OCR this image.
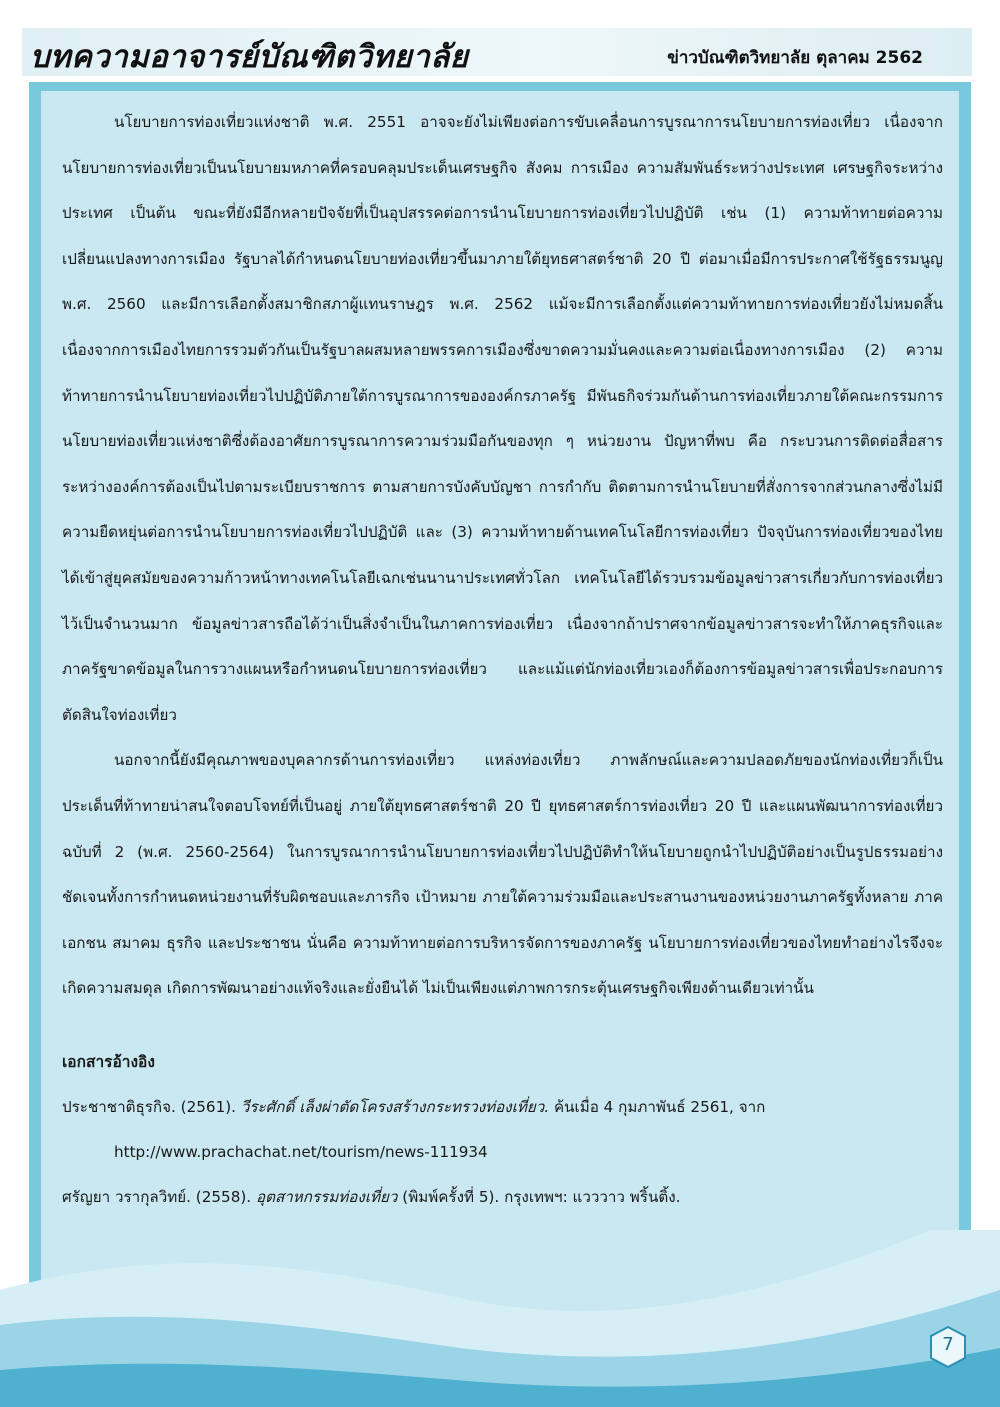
บทความอาจารย์บัณฑิตวิทยาลัย	ข่าวบัณฑิตวิทยาลัย ตุลาคม 2562

นโยบายการท่องเที่ยวแห่งชาติ พ.ศ. 2551 อาจจะยังไม่เพียงต่อการขับเคลื่อนการบูรณาการนโยบายการท่องเที่ยว เนื่องจากนโยบายการท่องเที่ยวเป็นนโยบายมหภาคที่ครอบคลุมประเด็นเศรษฐกิจ สังคม การเมือง ความสัมพันธ์ระหว่างประเทศ เศรษฐกิจระหว่างประเทศ เป็นต้น ขณะที่ยังมีอีกหลายปัจจัยที่เป็นอุปสรรคต่อการนำนโยบายการท่องเที่ยวไปปฏิบัติ เช่น (1) ความท้าทายต่อความเปลี่ยนแปลงทางการเมือง รัฐบาลได้กำหนดนโยบายท่องเที่ยวขึ้นมาภายใต้ยุทธศาสตร์ชาติ 20 ปี ต่อมาเมื่อมีการประกาศใช้รัฐธรรมนูญ พ.ศ. 2560 และมีการเลือกตั้งสมาชิกสภาผู้แทนราษฎร พ.ศ. 2562 แม้จะมีการเลือกตั้งแต่ความท้าทายการท่องเที่ยวยังไม่หมดสิ้น เนื่องจากการเมืองไทยการรวมตัวกันเป็นรัฐบาลผสมหลายพรรคการเมืองซึ่งขาดความมั่นคงและความต่อเนื่องทางการเมือง (2) ความท้าทายการนำนโยบายท่องเที่ยวไปปฏิบัติภายใต้การบูรณาการขององค์กรภาครัฐ มีพันธกิจร่วมกันด้านการท่องเที่ยวภายใต้คณะกรรมการนโยบายท่องเที่ยวแห่งชาติซึ่งต้องอาศัยการบูรณาการความร่วมมือกันของทุก ๆ หน่วยงาน ปัญหาที่พบ คือ กระบวนการติดต่อสื่อสารระหว่างองค์การต้องเป็นไปตามระเบียบราชการ ตามสายการบังคับบัญชา การกำกับ ติดตามการนำนโยบายที่สั่งการจากส่วนกลางซึ่งไม่มีความยืดหยุ่นต่อการนำนโยบายการท่องเที่ยวไปปฏิบัติ และ (3) ความท้าทายด้านเทคโนโลยีการท่องเที่ยว ปัจจุบันการท่องเที่ยวของไทยได้เข้าสู่ยุคสมัยของความก้าวหน้าทางเทคโนโลยีเฉกเช่นนานาประเทศทั่วโลก เทคโนโลยีได้รวบรวมข้อมูลข่าวสารเกี่ยวกับการท่องเที่ยวไว้เป็นจำนวนมาก ข้อมูลข่าวสารถือได้ว่าเป็นสิ่งจำเป็นในภาคการท่องเที่ยว เนื่องจากถ้าปราศจากข้อมูลข่าวสารจะทำให้ภาคธุรกิจและภาครัฐขาดข้อมูลในการวางแผนหรือกำหนดนโยบายการท่องเที่ยว และแม้แต่นักท่องเที่ยวเองก็ต้องการข้อมูลข่าวสารเพื่อประกอบการตัดสินใจท่องเที่ยว

นอกจากนี้ยังมีคุณภาพของบุคลากรด้านการท่องเที่ยว แหล่งท่องเที่ยว ภาพลักษณ์และความปลอดภัยของนักท่องเที่ยวก็เป็นประเด็นที่ท้าทายน่าสนใจตอบโจทย์ที่เป็นอยู่ ภายใต้ยุทธศาสตร์ชาติ 20 ปี ยุทธศาสตร์การท่องเที่ยว 20 ปี และแผนพัฒนาการท่องเที่ยวฉบับที่ 2 (พ.ศ. 2560-2564) ในการบูรณาการนำนโยบายการท่องเที่ยวไปปฏิบัติทำให้นโยบายถูกนำไปปฏิบัติอย่างเป็นรูปธรรมอย่างชัดเจนทั้งการกำหนดหน่วยงานที่รับผิดชอบและภารกิจ เป้าหมาย ภายใต้ความร่วมมือและประสานงานของหน่วยงานภาครัฐทั้งหลาย ภาคเอกชน สมาคม ธุรกิจ และประชาชน นั่นคือ ความท้าทายต่อการบริหารจัดการของภาครัฐ นโยบายการท่องเที่ยวของไทยทำอย่างไรจึงจะเกิดความสมดุล เกิดการพัฒนาอย่างแท้จริงและยั่งยืนได้ ไม่เป็นเพียงแต่ภาพการกระตุ้นเศรษฐกิจเพียงด้านเดียวเท่านั้น

เอกสารอ้างอิง

ประชาชาติธุรกิจ. (2561). วีระศักดิ์ เล็งผ่าตัดโครงสร้างกระทรวงท่องเที่ยว. ค้นเมื่อ 4 กุมภาพันธ์ 2561, จาก http://www.prachachat.net/tourism/news-111934

ศรัญยา วรากุลวิทย์. (2558). อุตสาหกรรมท่องเที่ยว (พิมพ์ครั้งที่ 5). กรุงเทพฯ: แวววาว พริ้นติ้ง.

7
